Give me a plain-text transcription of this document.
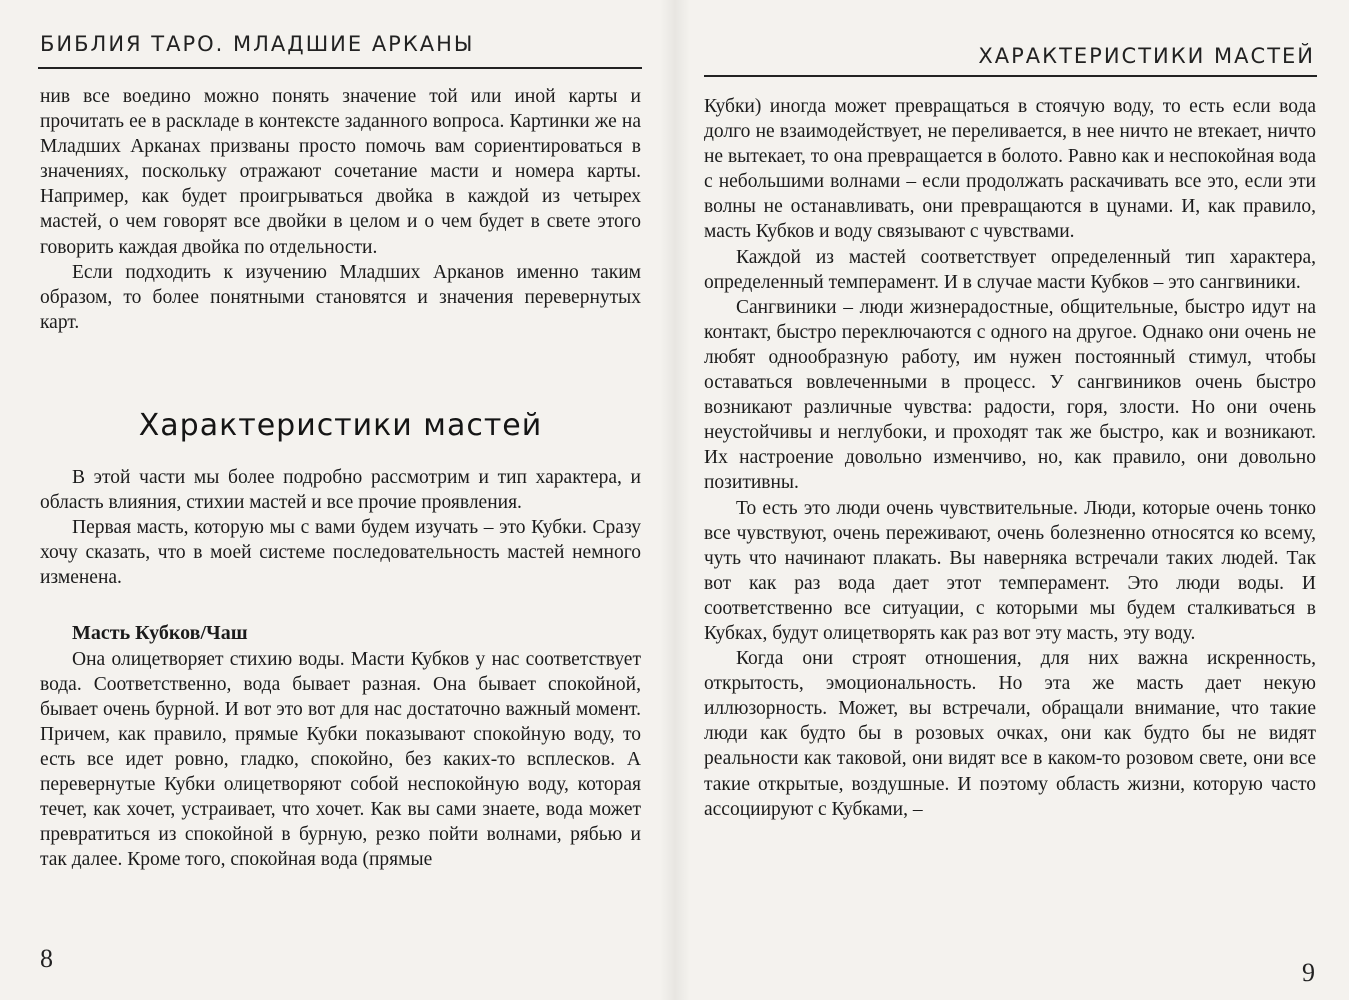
БИБЛИЯ ТАРО. МЛАДШИЕ АРКАНЫ

нив все воедино можно понять значение той или иной карты и прочитать ее в раскладе в контексте заданного вопроса. Картинки же на Младших Арканах призваны просто помочь вам сориентироваться в значениях, поскольку отражают сочетание масти и номера карты. Например, как будет проигрываться двойка в каждой из четырех мастей, о чем говорят все двойки в целом и о чем будет в свете этого говорить каждая двойка по отдельности.

Если подходить к изучению Младших Арканов именно таким образом, то более понятными становятся и значения перевернутых карт.

Характеристики мастей

В этой части мы более подробно рассмотрим и тип характера, и область влияния, стихии мастей и все прочие проявления.

Первая масть, которую мы с вами будем изучать – это Кубки. Сразу хочу сказать, что в моей системе последовательность мастей немного изменена.

Масть Кубков/Чаш

Она олицетворяет стихию воды. Масти Кубков у нас соответствует вода. Соответственно, вода бывает разная. Она бывает спокойной, бывает очень бурной. И вот это вот для нас достаточно важный момент. Причем, как правило, прямые Кубки показывают спокойную воду, то есть все идет ровно, гладко, спокойно, без каких-то всплесков. А перевернутые Кубки олицетворяют собой неспокойную воду, которая течет, как хочет, устраивает, что хочет. Как вы сами знаете, вода может превратиться из спокойной в бурную, резко пойти волнами, рябью и так далее. Кроме того, спокойная вода (прямые

8
ХАРАКТЕРИСТИКИ МАСТЕЙ

Кубки) иногда может превращаться в стоячую воду, то есть если вода долго не взаимодействует, не переливается, в нее ничто не втекает, ничто не вытекает, то она превращается в болото. Равно как и неспокойная вода с небольшими волнами – если продолжать раскачивать все это, если эти волны не останавливать, они превращаются в цунами. И, как правило, масть Кубков и воду связывают с чувствами.

Каждой из мастей соответствует определенный тип характера, определенный темперамент. И в случае масти Кубков – это сангвиники.

Сангвиники – люди жизнерадостные, общительные, быстро идут на контакт, быстро переключаются с одного на другое. Однако они очень не любят однообразную работу, им нужен постоянный стимул, чтобы оставаться вовлеченными в процесс. У сангвиников очень быстро возникают различные чувства: радости, горя, злости. Но они очень неустойчивы и неглубоки, и проходят так же быстро, как и возникают. Их настроение довольно изменчиво, но, как правило, они довольно позитивны.

То есть это люди очень чувствительные. Люди, которые очень тонко все чувствуют, очень переживают, очень болезненно относятся ко всему, чуть что начинают плакать. Вы наверняка встречали таких людей. Так вот как раз вода дает этот темперамент. Это люди воды. И соответственно все ситуации, с которыми мы будем сталкиваться в Кубках, будут олицетворять как раз вот эту масть, эту воду.

Когда они строят отношения, для них важна искренность, открытость, эмоциональность. Но эта же масть дает некую иллюзорность. Может, вы встречали, обращали внимание, что такие люди как будто бы в розовых очках, они как будто бы не видят реальности как таковой, они видят все в каком-то розовом свете, они все такие открытые, воздушные. И поэтому область жизни, которую часто ассоциируют с Кубками, –

9
